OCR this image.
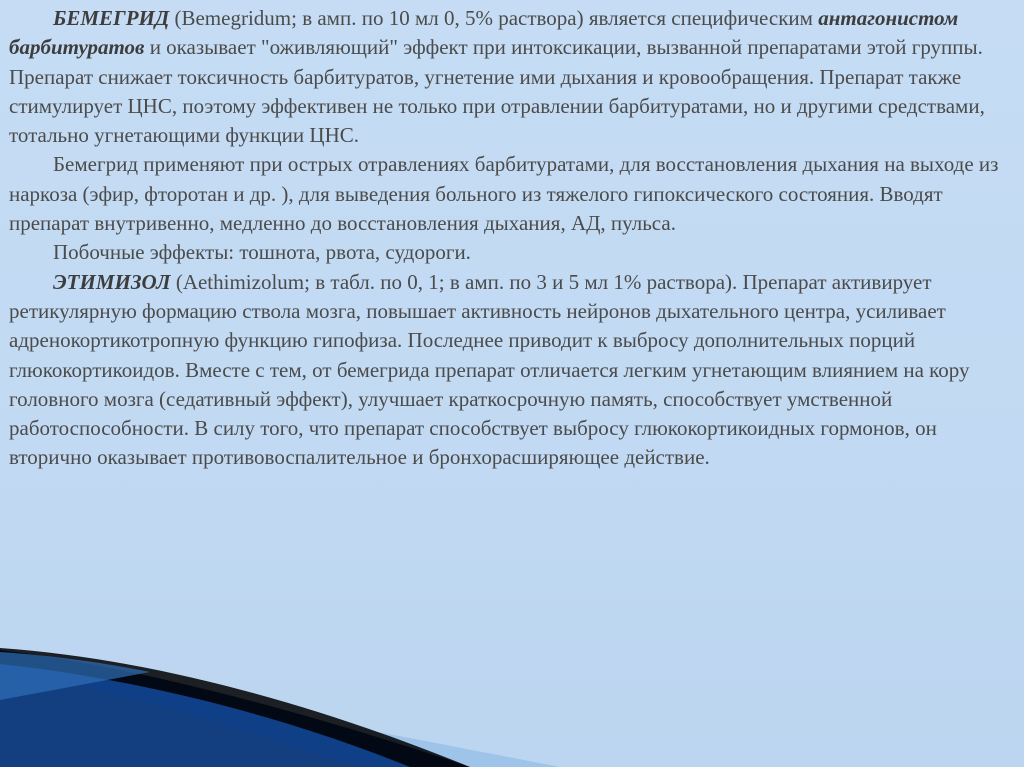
БЕМЕГРИД (Bemegridum; в амп. по 10 мл 0, 5% раствора) является специфическим антагонистом барбитуратов и оказывает "оживляющий" эффект при интоксикации, вызванной препаратами этой группы. Препарат снижает токсичность барбитуратов, угнетение ими дыхания и кровообращения. Препарат также стимулирует ЦНС, поэтому эффективен не только при отравлении барбитуратами, но и другими средствами, тотально угнетающими функции ЦНС.

Бемегрид применяют при острых отравлениях барбитуратами, для восстановления дыхания на выходе из наркоза (эфир, фторотан и др. ), для выведения больного из тяжелого гипоксического состояния. Вводят препарат внутривенно, медленно до восстановления дыхания, АД, пульса.

Побочные эффекты: тошнота, рвота, судороги.

ЭТИМИЗОЛ (Aethimizolum; в табл. по 0, 1; в амп. по 3 и 5 мл 1% раствора). Препарат активирует ретикулярную формацию ствола мозга, повышает активность нейронов дыхательного центра, усиливает адренокортикотропную функцию гипофиза. Последнее приводит к выбросу дополнительных порций глюкокортикоидов. Вместе с тем, от бемегрида препарат отличается легким угнетающим влиянием на кору головного мозга (седативный эффект), улучшает краткосрочную память, способствует умственной работоспособности. В силу того, что препарат способствует выбросу глюкокортикоидных гормонов, он вторично оказывает противовоспалительное и бронхорасширяющее действие.
